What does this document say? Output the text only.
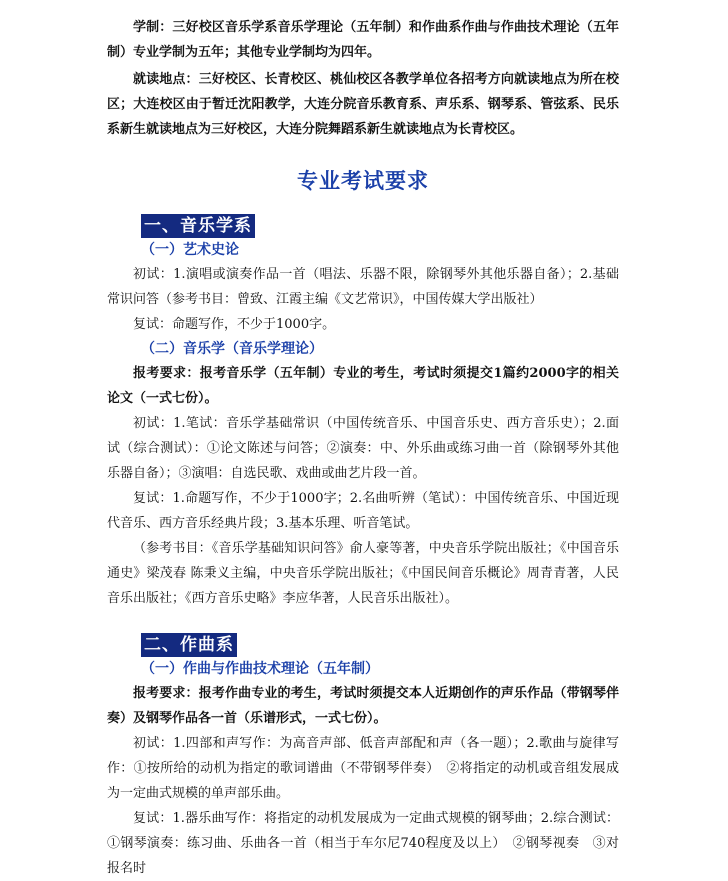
学制：三好校区音乐学系音乐学理论（五年制）和作曲系作曲与作曲技术理论（五年制）专业学制为五年；其他专业学制均为四年。

就读地点：三好校区、长青校区、桃仙校区各教学单位各招考方向就读地点为所在校区；大连校区由于暂迁沈阳教学，大连分院音乐教育系、声乐系、钢琴系、管弦系、民乐系新生就读地点为三好校区，大连分院舞蹈系新生就读地点为长青校区。

专业考试要求
一、音乐学系
（一）艺术史论

初试：1.演唱或演奏作品一首（唱法、乐器不限，除钢琴外其他乐器自备）；2.基础常识问答（参考书目：曾致、江霞主编《文艺常识》，中国传媒大学出版社）

复试：命题写作，不少于1000字。

（二）音乐学（音乐学理论）

报考要求：报考音乐学（五年制）专业的考生，考试时须提交1篇约2000字的相关论文（一式七份）。

初试：1.笔试：音乐学基础常识（中国传统音乐、中国音乐史、西方音乐史）；2.面试（综合测试）：①论文陈述与问答；②演奏：中、外乐曲或练习曲一首（除钢琴外其他乐器自备）；③演唱：自选民歌、戏曲或曲艺片段一首。

复试：1.命题写作，不少于1000字；2.名曲听辨（笔试）：中国传统音乐、中国近现代音乐、西方音乐经典片段；3.基本乐理、听音笔试。

（参考书目：《音乐学基础知识问答》俞人豪等著，中央音乐学院出版社；《中国音乐通史》梁茂春 陈秉义主编，中央音乐学院出版社；《中国民间音乐概论》周青青著，人民音乐出版社；《西方音乐史略》李应华著，人民音乐出版社）。

二、作曲系
（一）作曲与作曲技术理论（五年制）

报考要求：报考作曲专业的考生，考试时须提交本人近期创作的声乐作品（带钢琴伴奏）及钢琴作品各一首（乐谱形式，一式七份）。

初试：1.四部和声写作：为高音声部、低音声部配和声（各一题）；2.歌曲与旋律写作：①按所给的动机为指定的歌词谱曲（不带钢琴伴奏）　②将指定的动机或音组发展成为一定曲式规模的单声部乐曲。

复试：1.器乐曲写作：将指定的动机发展成为一定曲式规模的钢琴曲；2.综合测试：①钢琴演奏：练习曲、乐曲各一首（相当于车尔尼740程度及以上）　②钢琴视奏　③对报名时
